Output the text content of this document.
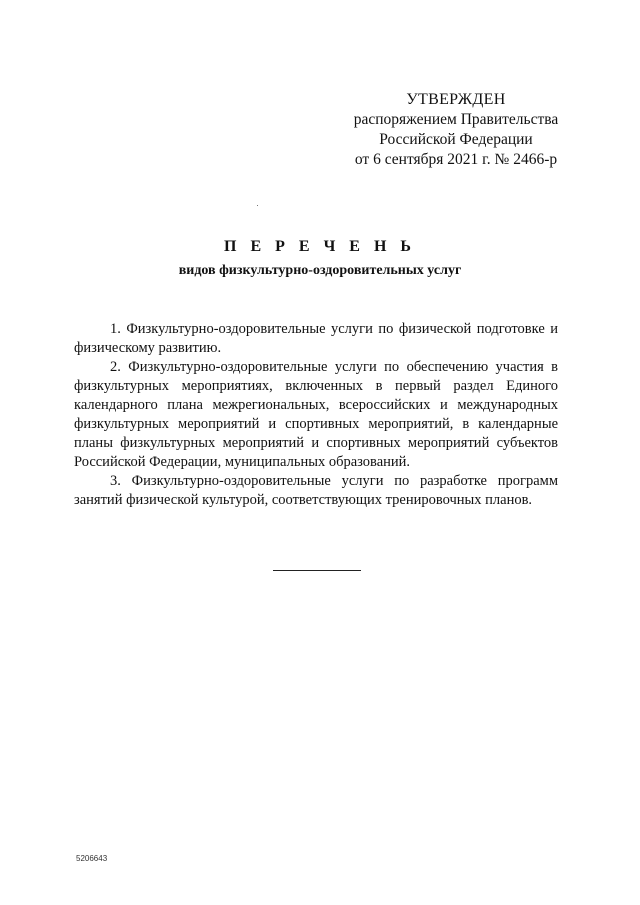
УТВЕРЖДЕН
распоряжением Правительства
Российской Федерации
от 6 сентября 2021 г. № 2466-р
П Е Р Е Ч Е Н Ь
видов физкультурно-оздоровительных услуг

1. Физкультурно-оздоровительные услуги по физической подготовке и физическому развитию.

2. Физкультурно-оздоровительные услуги по обеспечению участия в физкультурных мероприятиях, включенных в первый раздел Единого календарного плана межрегиональных, всероссийских и международных физкультурных мероприятий и спортивных мероприятий, в календарные планы физкультурных мероприятий и спортивных мероприятий субъектов Российской Федерации, муниципальных образований.

3. Физкультурно-оздоровительные услуги по разработке программ занятий физической культурой, соответствующих тренировочных планов.

5206643
